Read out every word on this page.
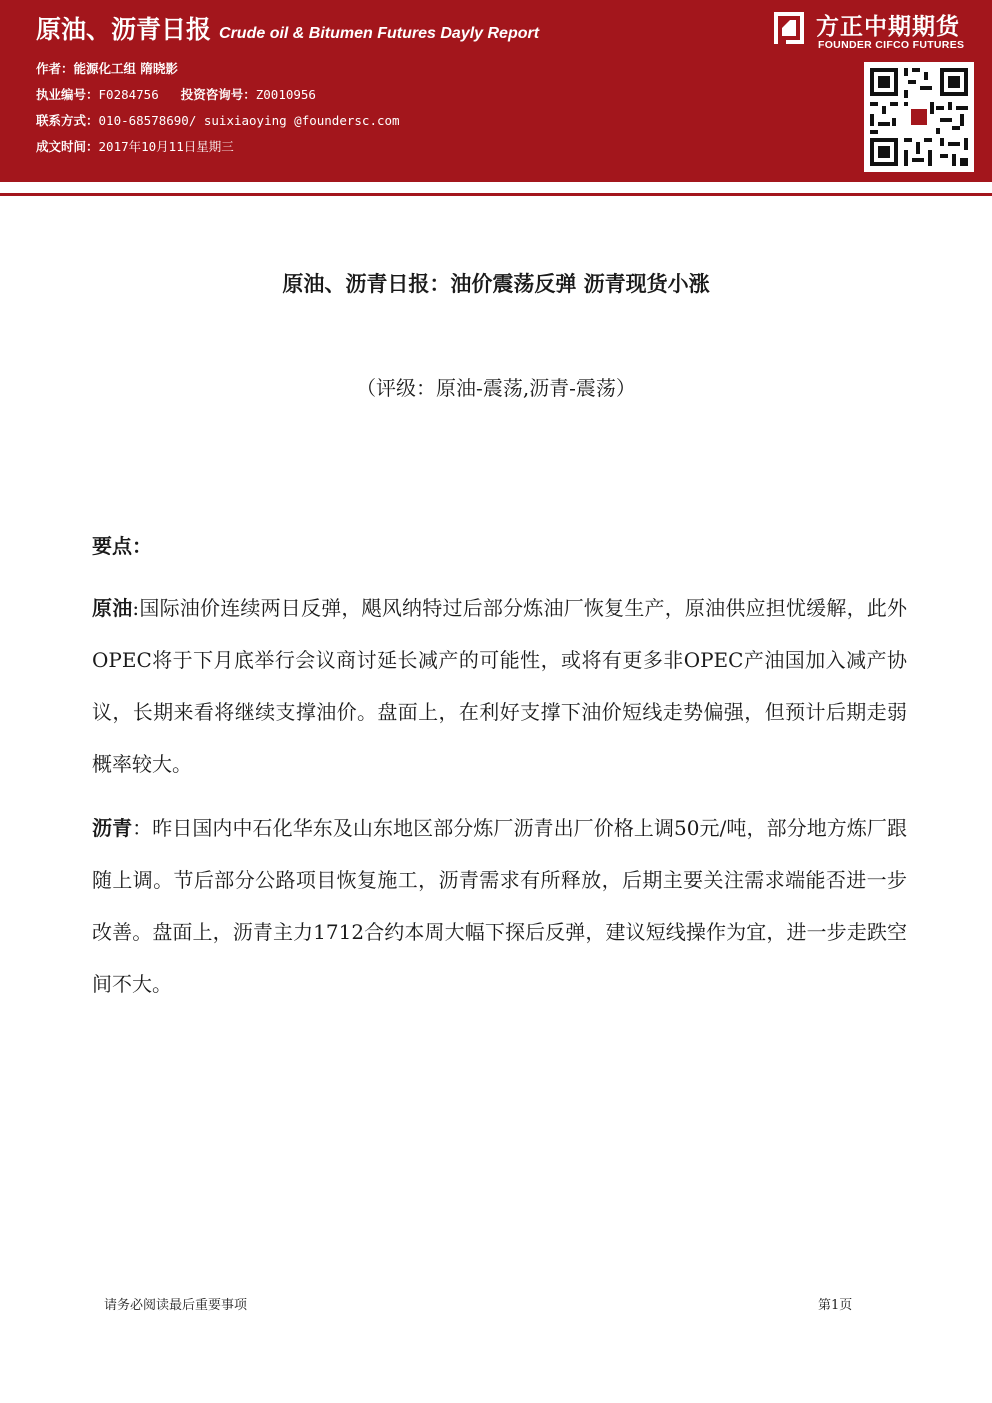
原油、沥青日报 Crude oil & Bitumen Futures Dayly Report
作者：能源化工组 隋晓影
执业编号：F0284756 投资咨询号：Z0010956
联系方式：010-68578690/ suixiaoying @foundersc.com
成文时间：2017年10月11日星期三
方正中期期货
FOUNDER CIFCO FUTURES
原油、沥青日报：油价震荡反弹 沥青现货小涨
（评级：原油-震荡,沥青-震荡）
要点：
原油:国际油价连续两日反弹，飓风纳特过后部分炼油厂恢复生产，原油供应担忧缓解，此外OPEC将于下月底举行会议商讨延长减产的可能性，或将有更多非OPEC产油国加入减产协议，长期来看将继续支撑油价。盘面上，在利好支撑下油价短线走势偏强，但预计后期走弱概率较大。
沥青：昨日国内中石化华东及山东地区部分炼厂沥青出厂价格上调50元/吨，部分地方炼厂跟随上调。节后部分公路项目恢复施工，沥青需求有所释放，后期主要关注需求端能否进一步改善。盘面上，沥青主力1712合约本周大幅下探后反弹，建议短线操作为宜，进一步走跌空间不大。
请务必阅读最后重要事项	第1页
